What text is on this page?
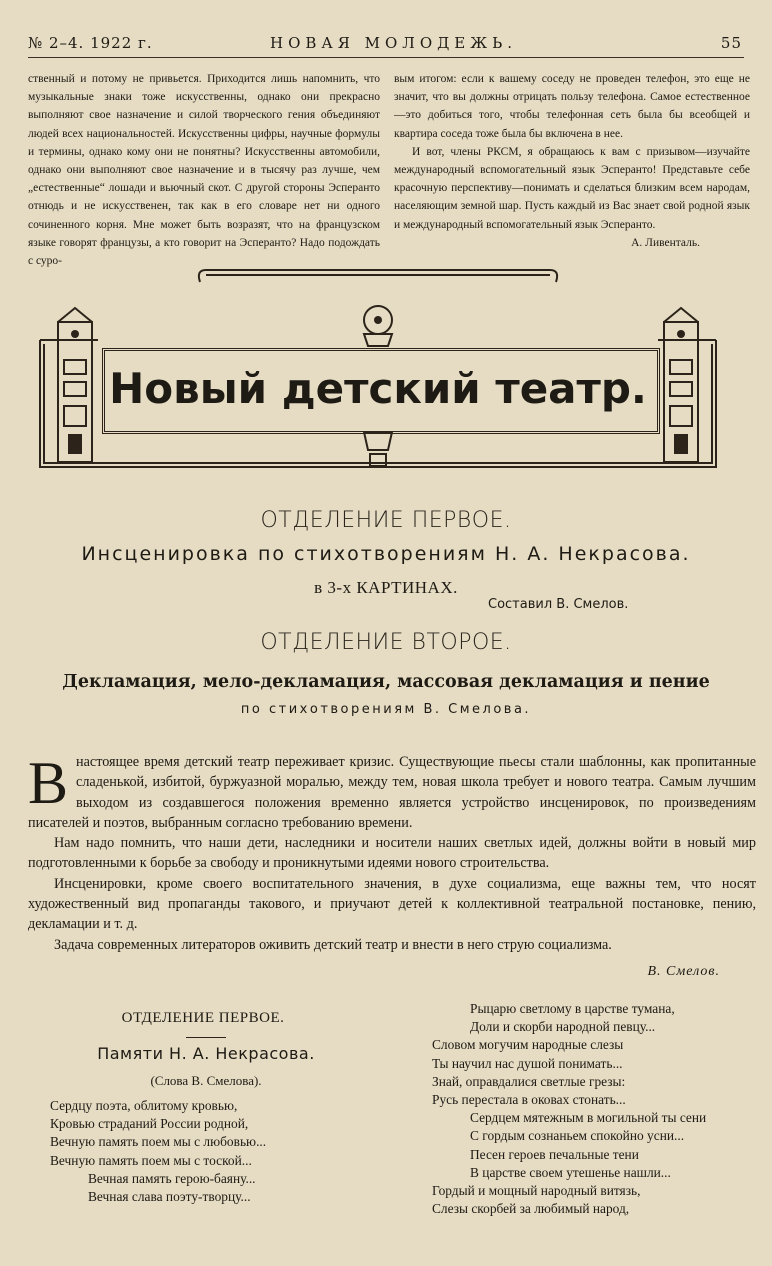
№ 2–4. 1922 г.	НОВАЯ МОЛОДЕЖЬ.	55

ственный и потому не привьется. Приходится лишь напомнить, что музыкальные знаки тоже искусственны, однако они прекрасно выполняют свое назначение и силой творческого гения объединяют людей всех национальностей. Искусственны цифры, научные формулы и термины, однако кому они не понятны? Искусственны автомобили, однако они выполняют свое назначение и в тысячу раз лучше, чем „естественные“ лошади и вьючный скот. С другой стороны Эсперанто отнюдь и не искусственен, так как в его словаре нет ни одного сочиненного корня. Мне может быть возразят, что на французском языке говорят французы, а кто говорит на Эсперанто? Надо подождать с суро-

вым итогом: если к вашему соседу не проведен телефон, это еще не значит, что вы должны отрицать пользу телефона. Самое естественное—это добиться того, чтобы телефонная сеть была бы всеобщей и квартира соседа тоже была бы включена в нее.

И вот, члены РКСМ, я обращаюсь к вам с призывом—изучайте международный вспомогательный язык Эсперанто! Представьте себе красочную перспективу—понимать и сделаться близким всем народам, населяющим земной шар. Пусть каждый из Вас знает свой родной язык и международный вспомогательный язык Эсперанто.

А. Ливенталь.

Новый детский театр.
ОТДЕЛЕНИЕ ПЕРВОЕ.
Инсценировка по стихотворениям Н. А. Некрасова.
в 3-х КАРТИНАХ.
Составил В. Смелов.
ОТДЕЛЕНИЕ ВТОРОЕ.
Декламация, мело-декламация, массовая декламация и пение
по стихотворениям В. Смелова.
В настоящее время детский театр переживает кризис. Существующие пьесы стали шаблонны, как пропитанные сладенькой, избитой, буржуазной моралью, между тем, новая школа требует и нового театра. Самым лучшим выходом из создавшегося положения временно является устройство инсценировок, по произведениям писателей и поэтов, выбранным согласно требованию времени.

Нам надо помнить, что наши дети, наследники и носители наших светлых идей, должны войти в новый мир подготовленными к борьбе за свободу и проникнутыми идеями нового строительства.

Инсценировки, кроме своего воспитательного значения, в духе социализма, еще важны тем, что носят художественный вид пропаганды такового, и приучают детей к коллективной театральной постановке, пению, декламации и т. д.

Задача современных литераторов оживить детский театр и внести в него струю социализма.

В. Смелов.
ОТДЕЛЕНИЕ ПЕРВОЕ.
Памяти Н. А. Некрасова.
(Слова В. Смелова).
Сердцу поэта, облитому кровью,
Кровью страданий России родной,
Вечную память поем мы с любовью...
Вечную память поем мы с тоской...
Вечная память герою-баяну...
Вечная слава поэту-творцу...
Рыцарю светлому в царстве тумана,
Доли и скорби народной певцу...
Словом могучим народные слезы
Ты научил нас душой понимать...
Знай, оправдалися светлые грезы:
Русь перестала в оковах стонать...
Сердцем мятежным в могильной ты сени
С гордым сознаньем спокойно усни...
Песен героев печальные тени
В царстве своем утешенье нашли...
Гордый и мощный народный витязь,
Слезы скорбей за любимый народ,
